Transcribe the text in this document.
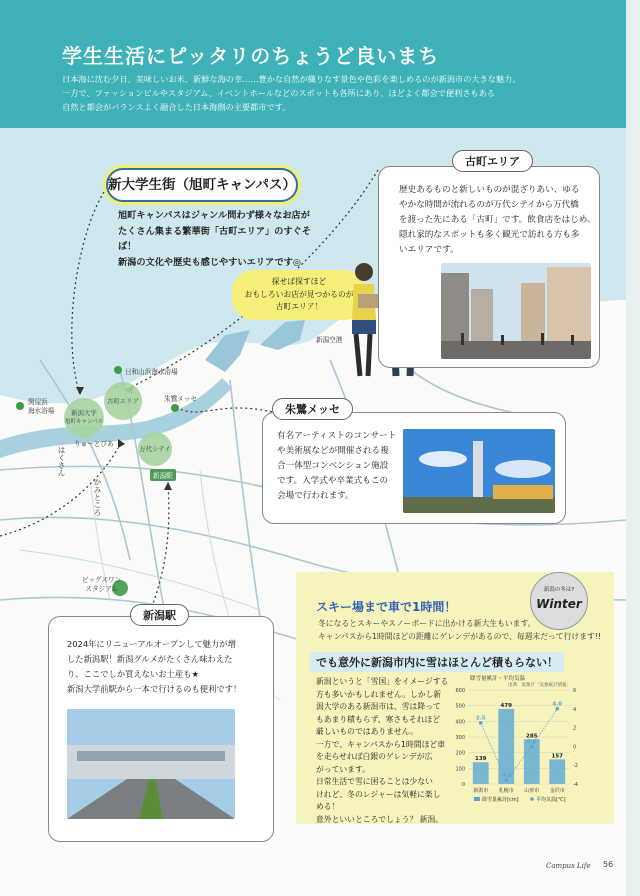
学生生活にピッタリのちょうど良いまち
日本海に沈む夕日、美味しいお米、新鮮な海の幸……豊かな自然が織りなす景色や色彩を楽しめるのが新潟市の大きな魅力。
一方で、ファッションビルやスタジアム、イベントホールなどのスポットも各所にあり、ほどよく都会で便利さもある
自然と都会がバランスよく融合した日本海側の主要都市です。
新潟大学
旭町キャンパス
古町エリア
万代シテイ
日和山浜海水浴場
関屋浜
海水浴場
朱鷺メッセ
新潟空港
りゅーとぴあ
新潟駅
はくさん
かみところ
ビッグスワン
スタジアム
新大学生街（旭町キャンパス）
旭町キャンパスはジャンル問わず様々なお店が
たくさん集まる繁華街「古町エリア」のすぐそば！
新潟の文化や歴史も感じやすいエリアです◎
探せば探すほど
おもしろいお店が見つかるのが
古町エリア！
歴史あるものと新しいものが混ざりあい、ゆる
やかな時間が流れるのが万代シテイから万代橋
を渡った先にある「古町」です。飲食店をはじめ、
隠れ家的なスポットも多く観光で訪れる方も多
いエリアです。
古町エリア
有名アーティストのコンサート
や美術展などが開催される複
合一体型コンベンション施設
です。入学式や卒業式もこの
会場で行われます。
朱鷺メッセ
2024年にリニューアルオープンして魅力が増
した新潟駅！新潟グルメがたくさん味わえた
り、ここでしか買えないお土産も★
新潟大学前駅から一本で行けるのも便利です！
新潟駅
新潟の冬は?
Winter
スキー場まで車で1時間！
冬になるとスキーやスノーボードに出かける新大生もいます。
キャンパスから1時間ほどの距離にゲレンデがあるので、毎週末だって行けます!!
でも意外に新潟市内に雪はほとんど積もらない！
新潟というと「雪国」をイメージする
方も多いかもしれません。しかし新
潟大学のある新潟市は、雪は降って
もあまり積もらず、寒さもそれほど
厳しいものではありません。
一方で、キャンパスから1時間ほど車
を走らせれば白銀のゲレンデが広
がっています。
日常生活で雪に困ることは少ない
けれど、冬のレジャーは気軽に楽し
める！
意外といいところでしょう？ 新潟。
0
100
200
300
400
500
600
-4
-2
0
2
4
6
139
新潟市
479
札幌市
285
山形市
157
金沢市
2.5
-3.6
0.0
4.0
降雪量累計[cm]	平均気温[℃]
降雪量累計・平均気温
出典：気象庁「気象統計情報」
Campus Life 56
